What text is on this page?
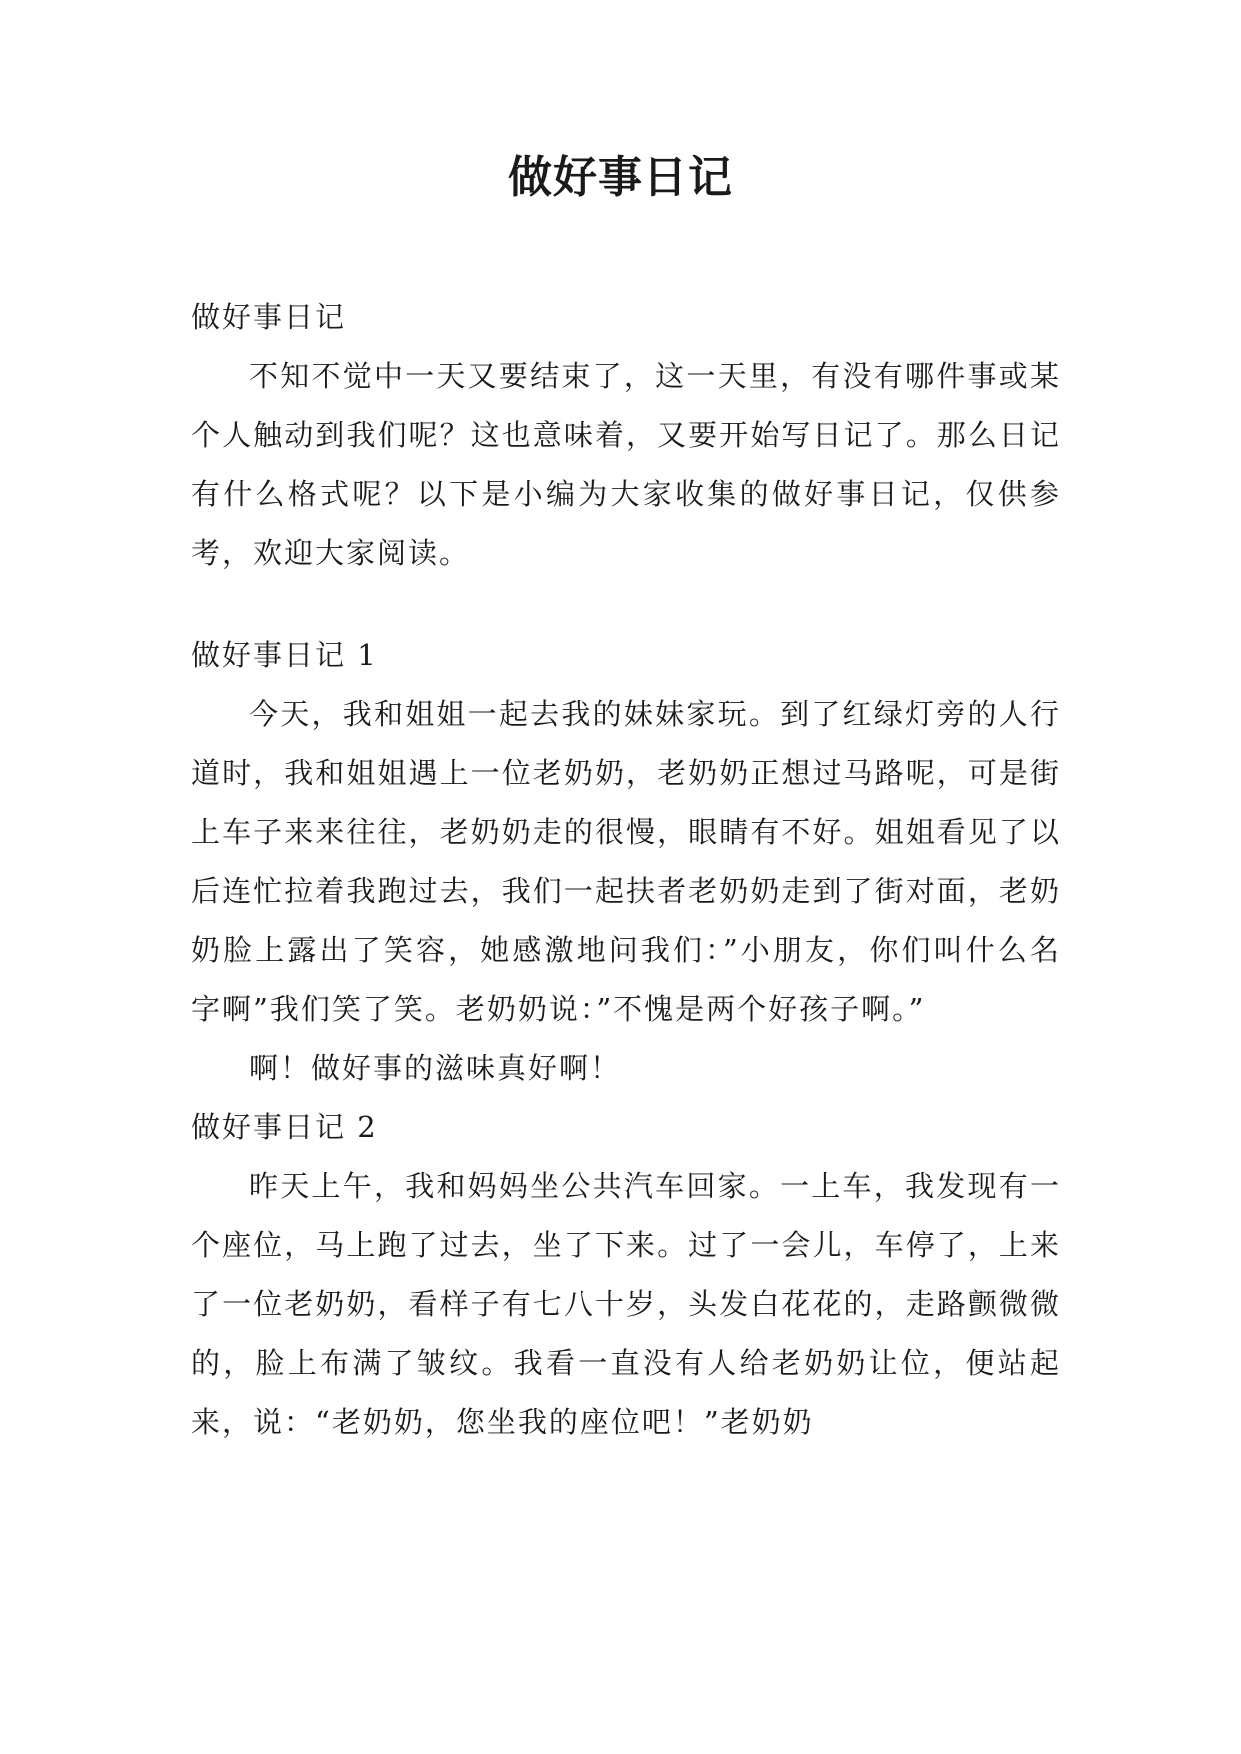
做好事日记

做好事日记

不知不觉中一天又要结束了，这一天里，有没有哪件事或某个人触动到我们呢？这也意味着，又要开始写日记了。那么日记有什么格式呢？以下是小编为大家收集的做好事日记，仅供参考，欢迎大家阅读。

做好事日记 1

今天，我和姐姐一起去我的妹妹家玩。到了红绿灯旁的人行道时，我和姐姐遇上一位老奶奶，老奶奶正想过马路呢，可是街上车子来来往往，老奶奶走的很慢，眼睛有不好。姐姐看见了以后连忙拉着我跑过去，我们一起扶者老奶奶走到了街对面，老奶奶脸上露出了笑容，她感激地问我们：”小朋友，你们叫什么名字啊”我们笑了笑。老奶奶说：”不愧是两个好孩子啊。”

啊！做好事的滋味真好啊！

做好事日记 2

昨天上午，我和妈妈坐公共汽车回家。一上车，我发现有一个座位，马上跑了过去，坐了下来。过了一会儿，车停了，上来了一位老奶奶，看样子有七八十岁，头发白花花的，走路颤微微的，脸上布满了皱纹。我看一直没有人给老奶奶让位，便站起来，说：“老奶奶，您坐我的座位吧！”老奶奶
